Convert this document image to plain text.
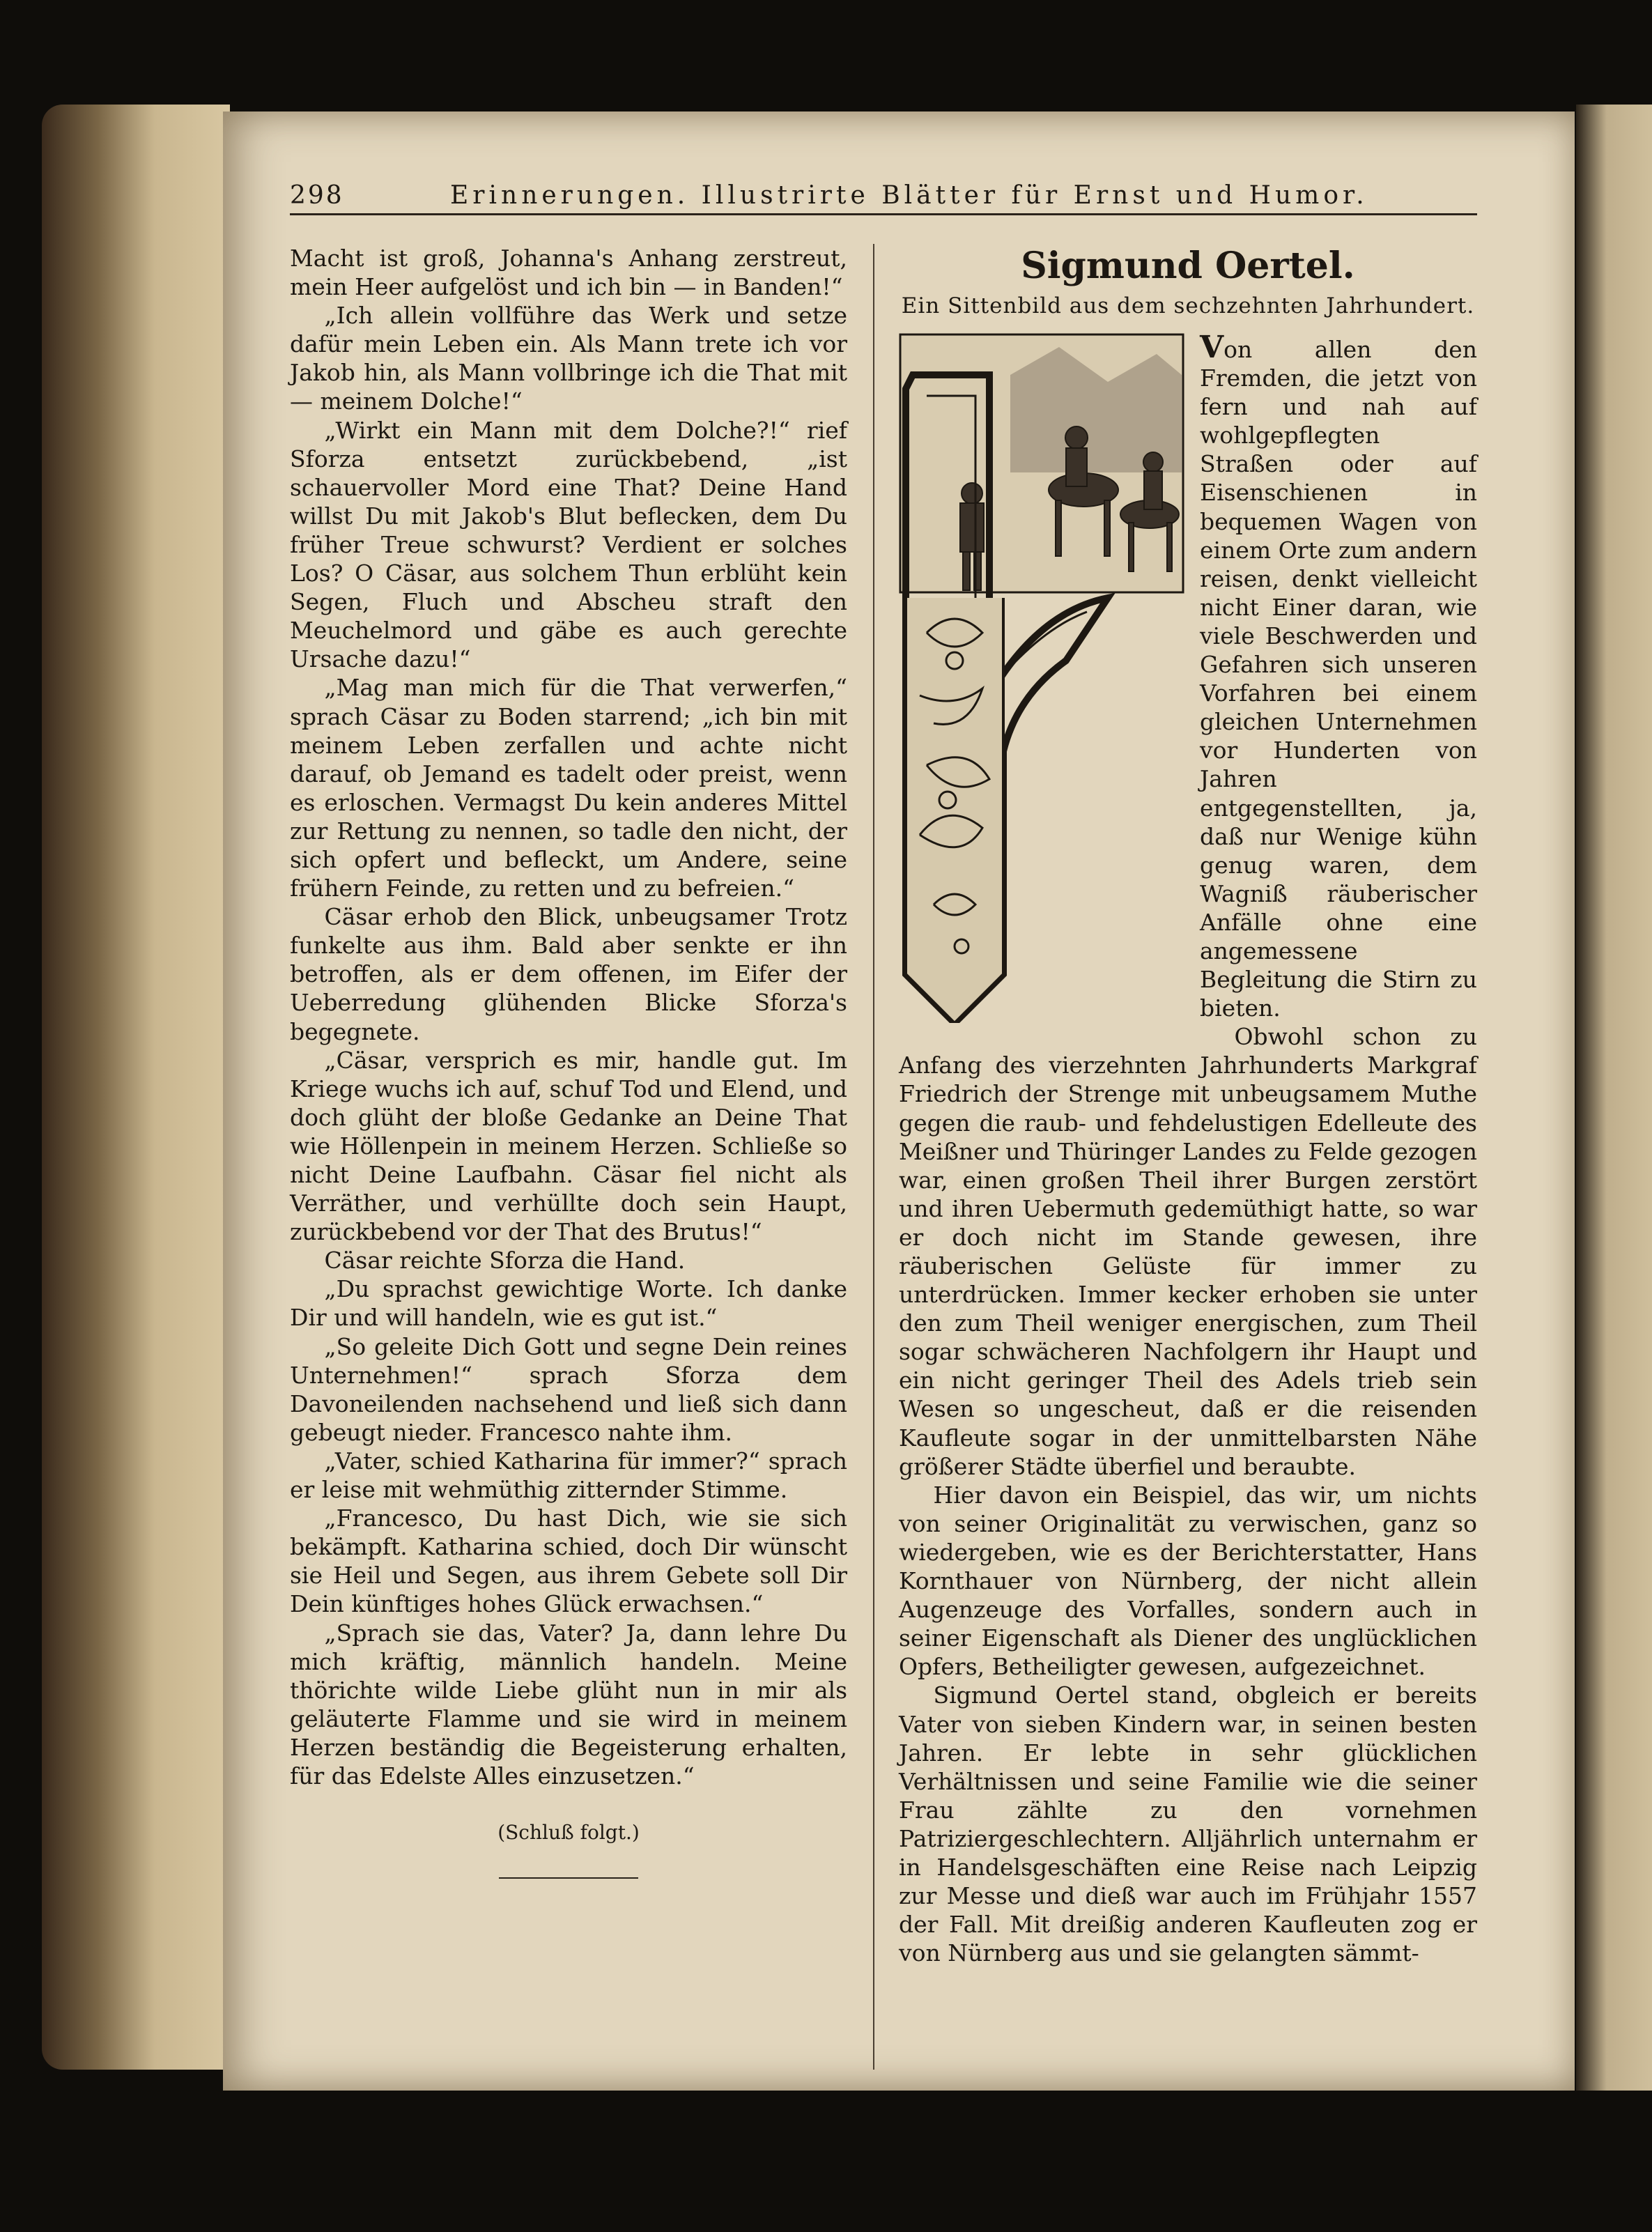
298	Erinnerungen. Illustrirte Blätter für Ernst und Humor.

Macht ist groß, Johanna's Anhang zerstreut, mein Heer aufgelöst und ich bin — in Banden!“

„Ich allein vollführe das Werk und setze dafür mein Leben ein. Als Mann trete ich vor Jakob hin, als Mann vollbringe ich die That mit — meinem Dolche!“

„Wirkt ein Mann mit dem Dolche?!“ rief Sforza entsetzt zurückbebend, „ist schauervoller Mord eine That? Deine Hand willst Du mit Jakob's Blut beflecken, dem Du früher Treue schwurst? Verdient er solches Los? O Cäsar, aus solchem Thun erblüht kein Segen, Fluch und Abscheu straft den Meuchelmord und gäbe es auch gerechte Ursache dazu!“

„Mag man mich für die That verwerfen,“ sprach Cäsar zu Boden starrend; „ich bin mit meinem Leben zerfallen und achte nicht darauf, ob Jemand es tadelt oder preist, wenn es erloschen. Vermagst Du kein anderes Mittel zur Rettung zu nennen, so tadle den nicht, der sich opfert und befleckt, um Andere, seine frühern Feinde, zu retten und zu befreien.“

Cäsar erhob den Blick, unbeugsamer Trotz funkelte aus ihm. Bald aber senkte er ihn betroffen, als er dem offenen, im Eifer der Ueberredung glühenden Blicke Sforza's begegnete.

„Cäsar, versprich es mir, handle gut. Im Kriege wuchs ich auf, schuf Tod und Elend, und doch glüht der bloße Gedanke an Deine That wie Höllenpein in meinem Herzen. Schließe so nicht Deine Laufbahn. Cäsar fiel nicht als Verräther, und verhüllte doch sein Haupt, zurückbebend vor der That des Brutus!“

Cäsar reichte Sforza die Hand.

„Du sprachst gewichtige Worte. Ich danke Dir und will handeln, wie es gut ist.“

„So geleite Dich Gott und segne Dein reines Unternehmen!“ sprach Sforza dem Davoneilenden nachsehend und ließ sich dann gebeugt nieder. Francesco nahte ihm.

„Vater, schied Katharina für immer?“ sprach er leise mit wehmüthig zitternder Stimme.

„Francesco, Du hast Dich, wie sie sich bekämpft. Katharina schied, doch Dir wünscht sie Heil und Segen, aus ihrem Gebete soll Dir Dein künftiges hohes Glück erwachsen.“

„Sprach sie das, Vater? Ja, dann lehre Du mich kräftig, männlich handeln. Meine thörichte wilde Liebe glüht nun in mir als geläuterte Flamme und sie wird in meinem Herzen beständig die Begeisterung erhalten, für das Edelste Alles einzusetzen.“

(Schluß folgt.)

Sigmund Oertel.
Ein Sittenbild aus dem sechzehnten Jahrhundert.

Von allen den Fremden, die jetzt von fern und nah auf wohlgepflegten Straßen oder auf Eisenschienen in bequemen Wagen von einem Orte zum andern reisen, denkt vielleicht nicht Einer daran, wie viele Beschwerden und Gefahren sich unseren Vorfahren bei einem gleichen Unternehmen vor Hunderten von Jahren entgegenstellten, ja, daß nur Wenige kühn genug waren, dem Wagniß räuberischer Anfälle ohne eine angemessene Begleitung die Stirn zu bieten.

Obwohl schon zu Anfang des vierzehnten Jahrhunderts Markgraf Friedrich der Strenge mit unbeugsamem Muthe gegen die raub- und fehdelustigen Edelleute des Meißner und Thüringer Landes zu Felde gezogen war, einen großen Theil ihrer Burgen zerstört und ihren Uebermuth gedemüthigt hatte, so war er doch nicht im Stande gewesen, ihre räuberischen Gelüste für immer zu unterdrücken. Immer kecker erhoben sie unter den zum Theil weniger energischen, zum Theil sogar schwächeren Nachfolgern ihr Haupt und ein nicht geringer Theil des Adels trieb sein Wesen so ungescheut, daß er die reisenden Kaufleute sogar in der unmittelbarsten Nähe größerer Städte überfiel und beraubte.

Hier davon ein Beispiel, das wir, um nichts von seiner Originalität zu verwischen, ganz so wiedergeben, wie es der Berichterstatter, Hans Kornthauer von Nürnberg, der nicht allein Augenzeuge des Vorfalles, sondern auch in seiner Eigenschaft als Diener des unglücklichen Opfers, Betheiligter gewesen, aufgezeichnet.

Sigmund Oertel stand, obgleich er bereits Vater von sieben Kindern war, in seinen besten Jahren. Er lebte in sehr glücklichen Verhältnissen und seine Familie wie die seiner Frau zählte zu den vornehmen Patriziergeschlechtern. Alljährlich unternahm er in Handelsgeschäften eine Reise nach Leipzig zur Messe und dieß war auch im Frühjahr 1557 der Fall. Mit dreißig anderen Kaufleuten zog er von Nürnberg aus und sie gelangten sämmt-
